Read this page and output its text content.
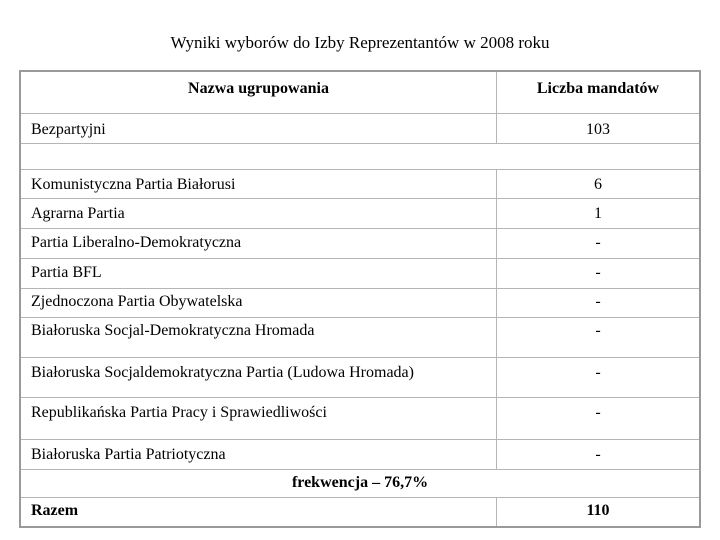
Wyniki wyborów do Izby Reprezentantów w 2008 roku
Nazwa ugrupowania	Liczba mandatów
Bezpartyjni	103
Komunistyczna Partia Białorusi	6
Agrarna Partia	1
Partia Liberalno-Demokratyczna	-
Partia BFL	-
Zjednoczona Partia Obywatelska	-
Białoruska Socjal-Demokratyczna Hromada	-
Białoruska Socjaldemokratyczna Partia (Ludowa Hromada)	-
Republikańska Partia Pracy i Sprawiedliwości	-
Białoruska Partia Patriotyczna	-
frekwencja – 76,7%
Razem	110
